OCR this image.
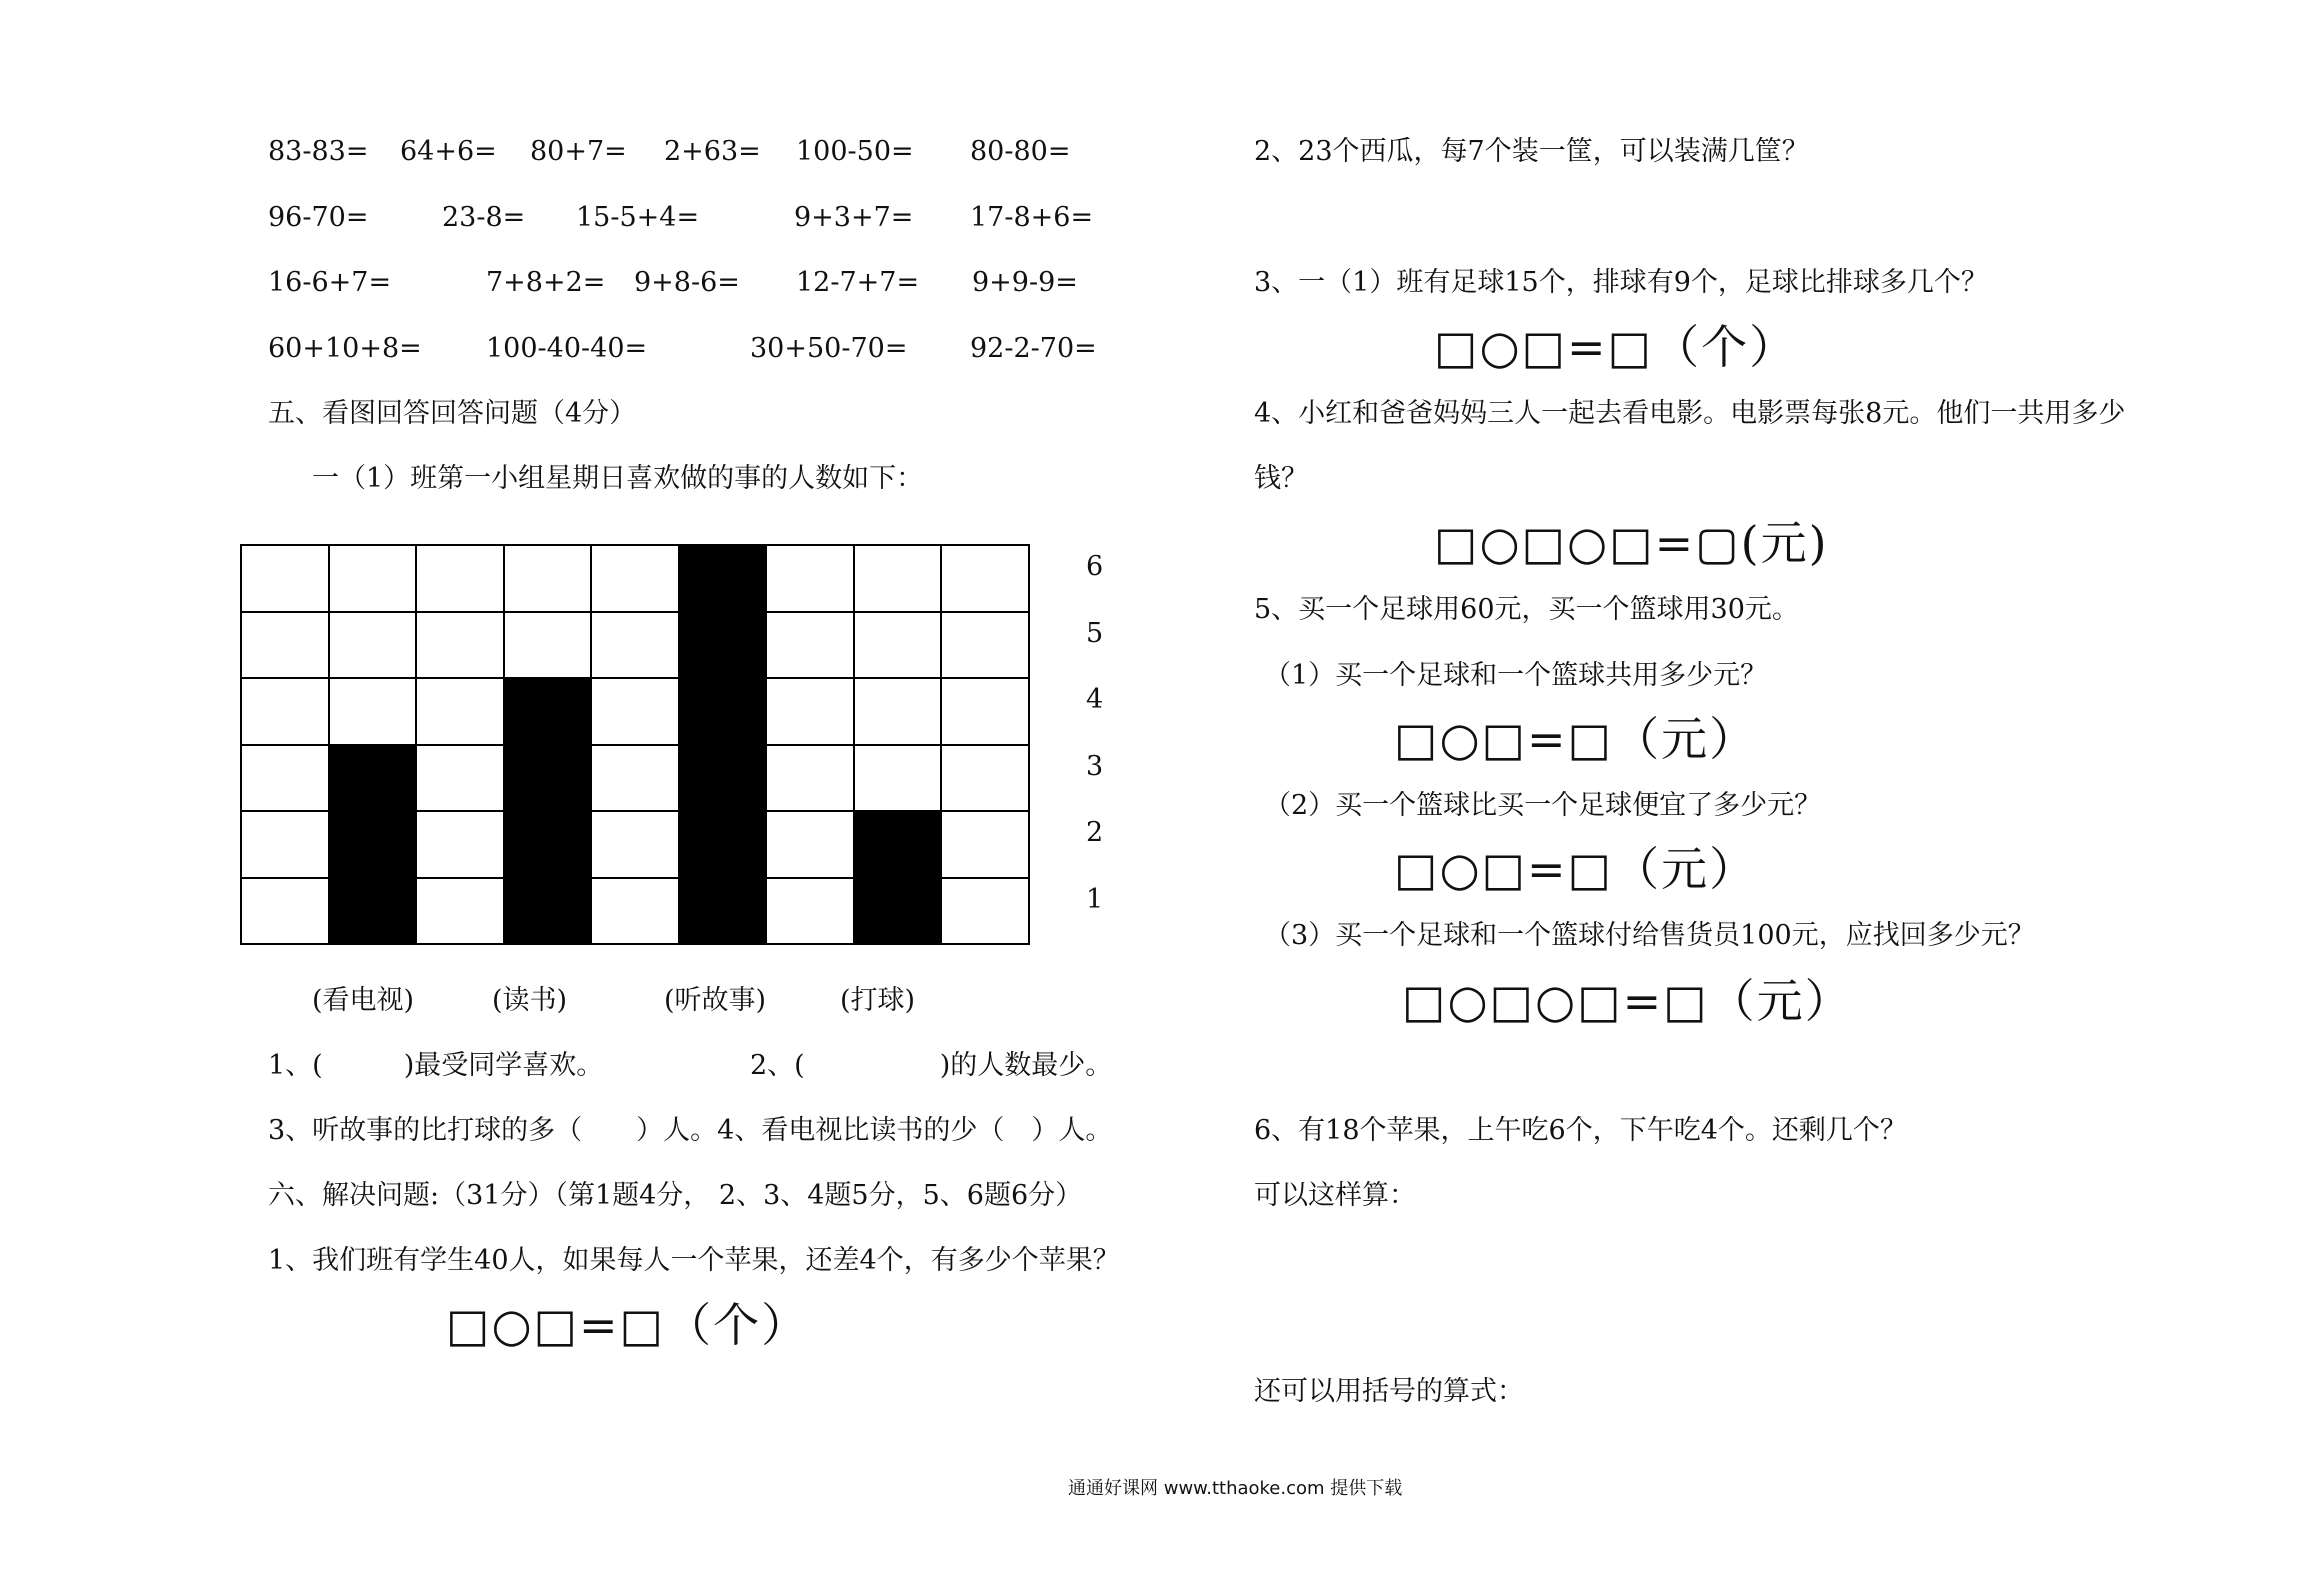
83-83= 64+6= 80+7= 2+63= 100-50= 80-80=
96-70=	23-8= 15-5+4=	9+3+7= 17-8+6=
16-6+7=	7+8+2= 9+8-6= 12-7+7= 9+9-9=
60+10+8= 100-40-40=	30+50-70= 92-2-70=
五、看图回答回答问题（4分）
一（1）班第一小组星期日喜欢做的事的人数如下：
(看电视)	(读书)	(听故事)	(打球)
1
2
3
4
5
6
1、(　　　)最受同学喜欢。	2、(　　　　　)的人数最少。
3、听故事的比打球的多（　　）人。4、看电视比读书的少（　）人。
六、解决问题:（31分）（第1题4分， 2、3、4题5分，5、6题6分）
1、我们班有学生40人，如果每人一个苹果，还差4个，有多少个苹果？
□○□=□（个）
2、23个西瓜，每7个装一筐，可以装满几筐？
3、一（1）班有足球15个，排球有9个，足球比排球多几个？
□○□=□（个）
4、小红和爸爸妈妈三人一起去看电影。电影票每张8元。他们一共用多少
钱？
□○□○□=▢(元)
5、买一个足球用60元，买一个篮球用30元。
（1）买一个足球和一个篮球共用多少元？
□○□=□（元）
（2）买一个篮球比买一个足球便宜了多少元？
□○□=□（元）
（3）买一个足球和一个篮球付给售货员100元，应找回多少元？
□○□○□=□（元）
6、有18个苹果，上午吃6个，下午吃4个。还剩几个？
可以这样算：
还可以用括号的算式：
通通好课网 www.tthaoke.com 提供下载
